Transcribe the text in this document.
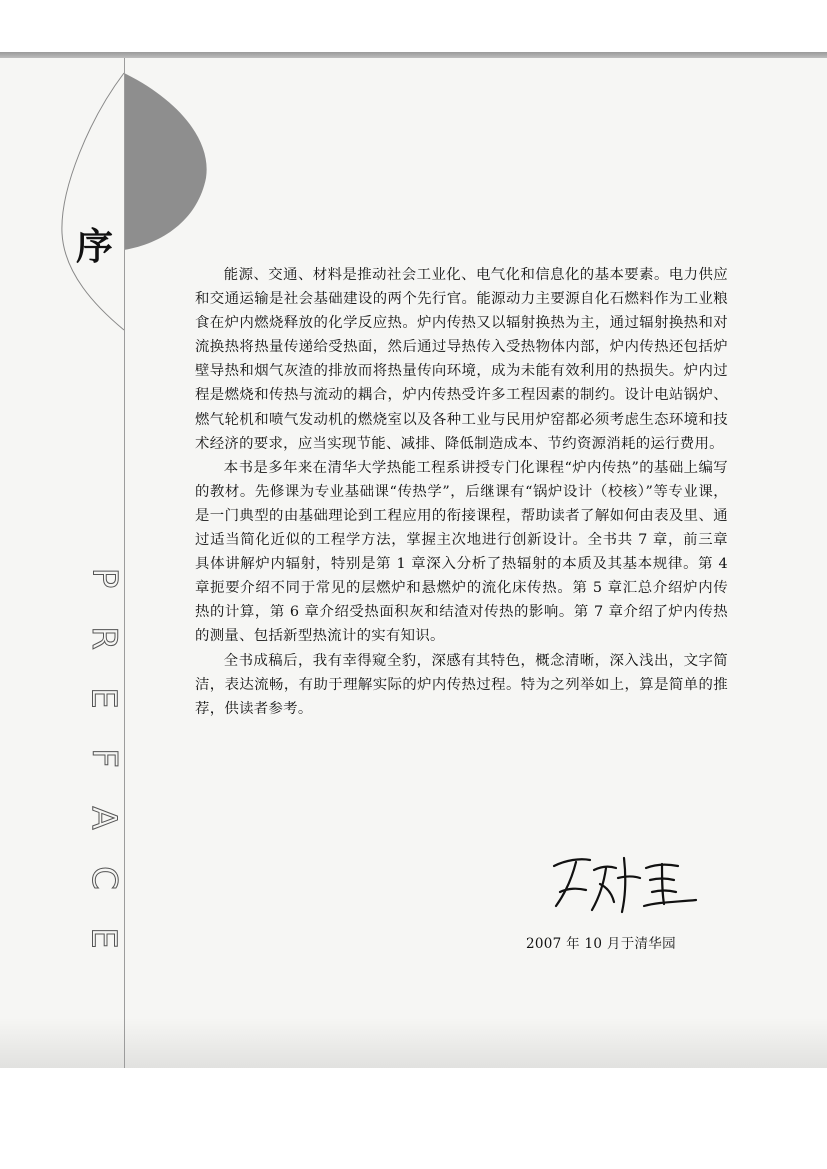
序
P
R
E
F
A
C
E

能源、交通、材料是推动社会工业化、电气化和信息化的基本要素。电力供应和交通运输是社会基础建设的两个先行官。能源动力主要源自化石燃料作为工业粮食在炉内燃烧释放的化学反应热。炉内传热又以辐射换热为主，通过辐射换热和对流换热将热量传递给受热面，然后通过导热传入受热物体内部，炉内传热还包括炉壁导热和烟气灰渣的排放而将热量传向环境，成为未能有效利用的热损失。炉内过程是燃烧和传热与流动的耦合，炉内传热受许多工程因素的制约。设计电站锅炉、燃气轮机和喷气发动机的燃烧室以及各种工业与民用炉窑都必须考虑生态环境和技术经济的要求，应当实现节能、减排、降低制造成本、节约资源消耗的运行费用。

本书是多年来在清华大学热能工程系讲授专门化课程“炉内传热”的基础上编写的教材。先修课为专业基础课“传热学”，后继课有“锅炉设计（校核）”等专业课，是一门典型的由基础理论到工程应用的衔接课程，帮助读者了解如何由表及里、通过适当简化近似的工程学方法，掌握主次地进行创新设计。全书共 7 章，前三章具体讲解炉内辐射，特别是第 1 章深入分析了热辐射的本质及其基本规律。第 4 章扼要介绍不同于常见的层燃炉和悬燃炉的流化床传热。第 5 章汇总介绍炉内传热的计算，第 6 章介绍受热面积灰和结渣对传热的影响。第 7 章介绍了炉内传热的测量、包括新型热流计的实有知识。

全书成稿后，我有幸得窥全豹，深感有其特色，概念清晰，深入浅出，文字简洁，表达流畅，有助于理解实际的炉内传热过程。特为之列举如上，算是简单的推荐，供读者参考。

2007 年 10 月于清华园
